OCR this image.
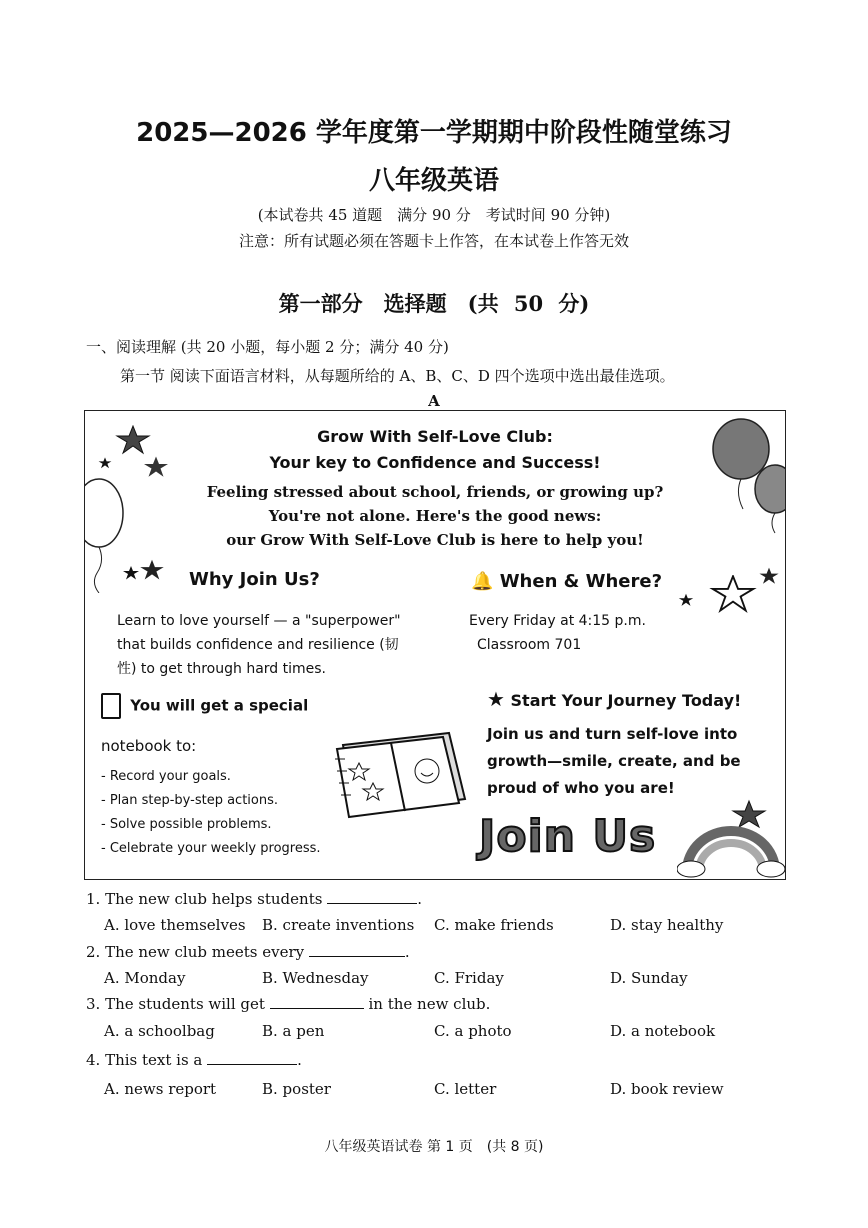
2025—2026 学年度第一学期期中阶段性随堂练习
八年级英语
(本试卷共 45 道题　满分 90 分　考试时间 90 分钟)
注意：所有试题必须在答题卡上作答，在本试卷上作答无效
第一部分　选择题　(共 50 分)
一、阅读理解 (共 20 小题，每小题 2 分；满分 40 分)
第一节 阅读下面语言材料，从每题所给的 A、B、C、D 四个选项中选出最佳选项。
A
Grow With Self-Love Club:
Your key to Confidence and Success!
Feeling stressed about school, friends, or growing up?
You're not alone. Here's the good news:
our Grow With Self-Love Club is here to help you!
Why Join Us?
Learn to love yourself — a "superpower" that builds confidence and resilience (韧性) to get through hard times.
🔔 When & Where?
Every Friday at 4:15 p.m.
Classroom 701
You will get a special
notebook to:
- Record your goals.
- Plan step-by-step actions.
- Solve possible problems.
- Celebrate your weekly progress.
★ Start Your Journey Today!
Join us and turn self-love into growth—smile, create, and be proud of who you are!
Join Us
1. The new club helps students	.
A. love themselves B. create inventions C. make friends	D. stay healthy
2. The new club meets every	.
A. Monday	B. Wednesday	C. Friday	D. Sunday
3. The students will get	in the new club.
A. a schoolbag	B. a pen	C. a photo	D. a notebook
4. This text is a	.
A. news report	B. poster	C. letter	D. book review
八年级英语试卷 第 1 页　(共 8 页)
